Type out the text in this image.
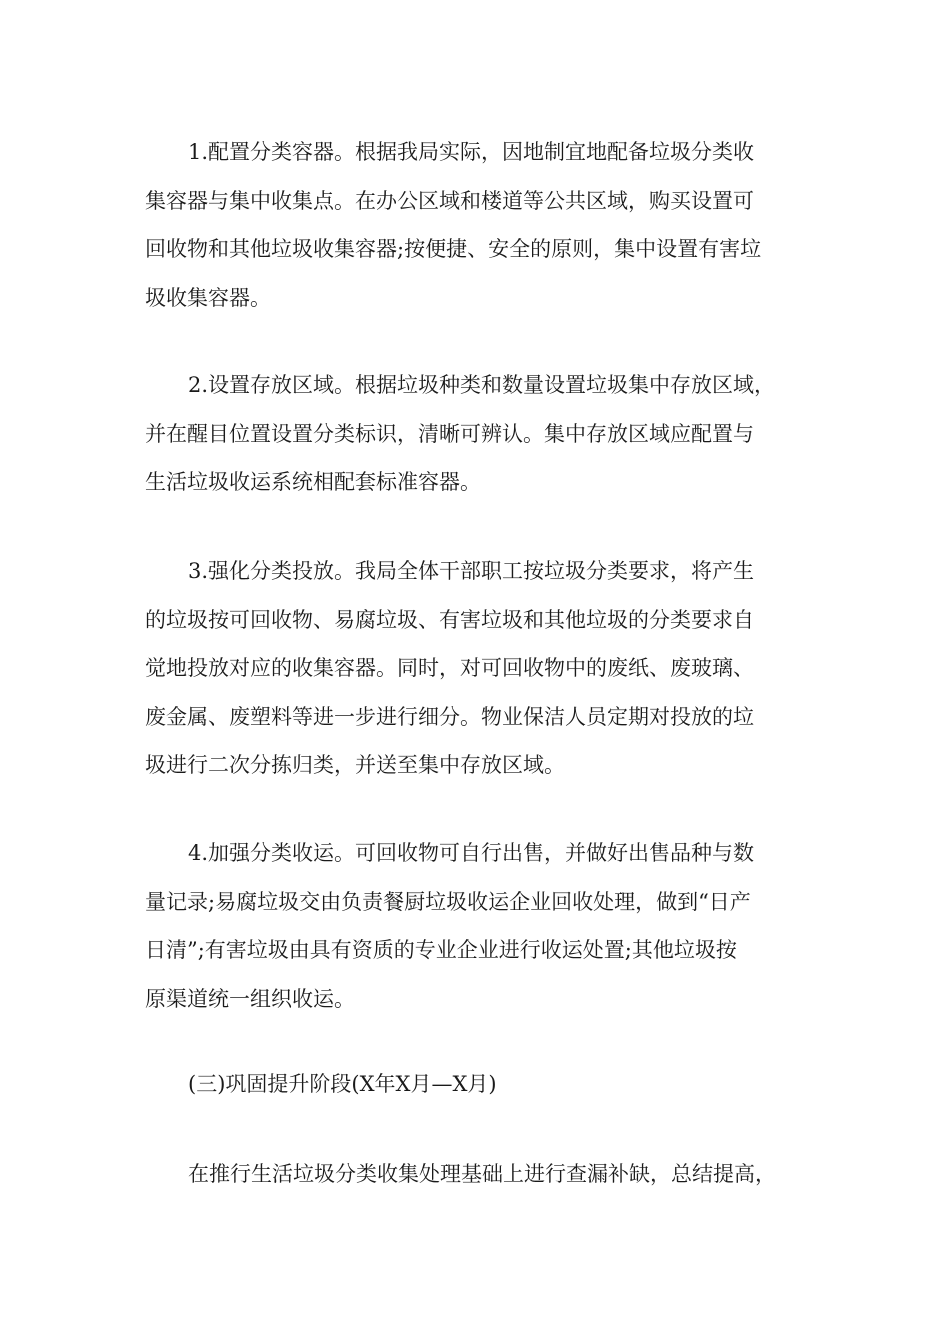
1.配置分类容器。根据我局实际，因地制宜地配备垃圾分类收
集容器与集中收集点。在办公区域和楼道等公共区域，购买设置可
回收物和其他垃圾收集容器;按便捷、安全的原则，集中设置有害垃
圾收集容器。
2.设置存放区域。根据垃圾种类和数量设置垃圾集中存放区域，
并在醒目位置设置分类标识，清晰可辨认。集中存放区域应配置与
生活垃圾收运系统相配套标准容器。
3.强化分类投放。我局全体干部职工按垃圾分类要求，将产生
的垃圾按可回收物、易腐垃圾、有害垃圾和其他垃圾的分类要求自
觉地投放对应的收集容器。同时，对可回收物中的废纸、废玻璃、
废金属、废塑料等进一步进行细分。物业保洁人员定期对投放的垃
圾进行二次分拣归类，并送至集中存放区域。
4.加强分类收运。可回收物可自行出售，并做好出售品种与数
量记录;易腐垃圾交由负责餐厨垃圾收运企业回收处理，做到“日产
日清”;有害垃圾由具有资质的专业企业进行收运处置;其他垃圾按
原渠道统一组织收运。
(三)巩固提升阶段(X年X月—X月)
在推行生活垃圾分类收集处理基础上进行查漏补缺，总结提高，
